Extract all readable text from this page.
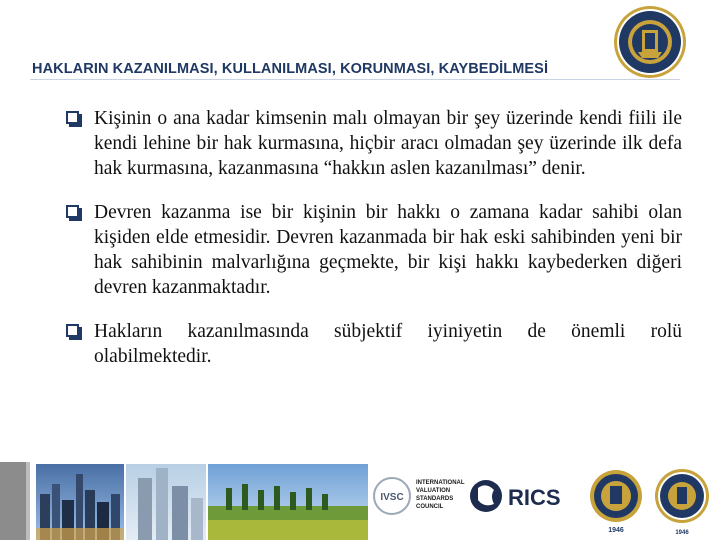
HAKLARIN KAZANILMASI, KULLANILMASI, KORUNMASI, KAYBEDİLMESİ
Kişinin o ana kadar kimsenin malı olmayan bir şey üzerinde kendi fiili ile kendi lehine bir hak kurmasına, hiçbir aracı olmadan şey üzerinde ilk defa hak kurmasına, kazanmasına “hakkın aslen kazanılması” denir.
Devren kazanma ise bir kişinin bir hakkı o zamana kadar sahibi olan kişiden elde etmesidir. Devren kazanmada bir hak eski sahibinden yeni bir hak sahibinin malvarlığına geçmekte, bir kişi hakkı kaybederken diğeri devren kazanmaktadır.
Hakların kazanılmasında sübjektif iyiniyetin de önemli rolü olabilmektedir.
IVSC
INTERNATIONAL
VALUATION
STANDARDS
COUNCIL	RICS
1946	1946
